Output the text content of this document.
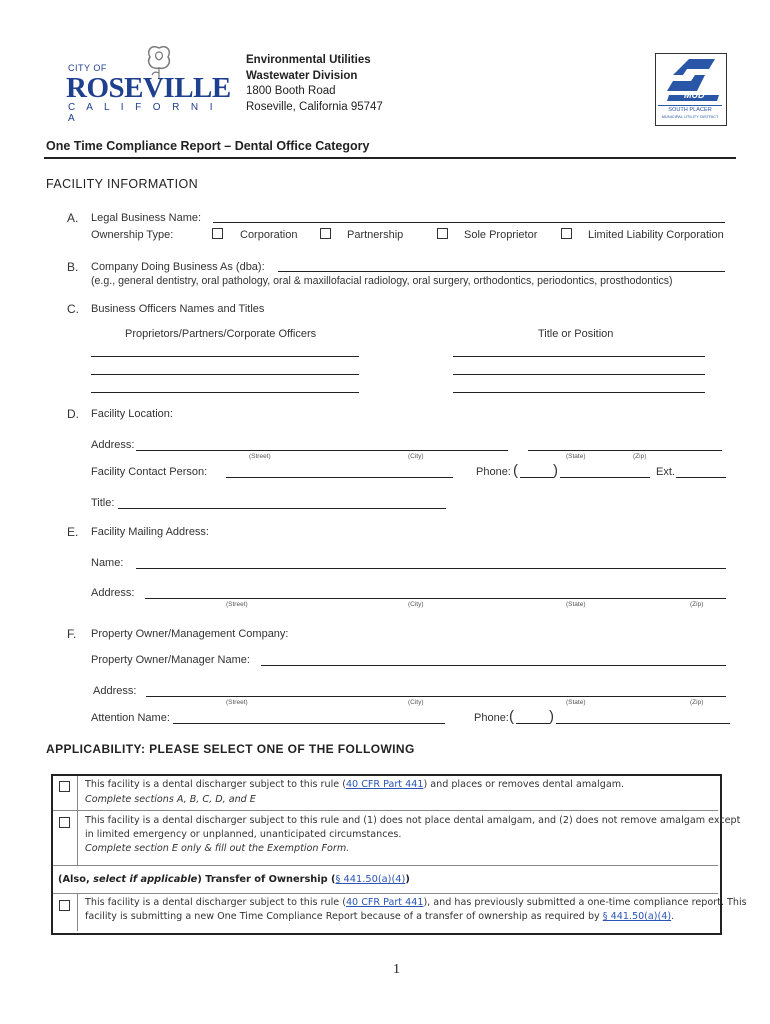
CITY OF
ROSEVILLE
C A L I F O R N I A
Environmental Utilities
Wastewater Division
1800 Booth Road
Roseville, California 95747
MUD
SOUTH PLACER
MUNICIPAL UTILITY DISTRICT
One Time Compliance Report – Dental Office Category
FACILITY INFORMATION
A. Legal Business Name:
Ownership Type:	Corporation	Partnership	Sole Proprietor	Limited Liability Corporation
B. Company Doing Business As (dba):
(e.g., general dentistry, oral pathology, oral & maxillofacial radiology, oral surgery, orthodontics, periodontics, prosthodontics)
C. Business Officers Names and Titles
Proprietors/Partners/Corporate Officers	Title or Position
D. Facility Location:
Address:
(Street)	(City)	(State)	(Zip)
Facility Contact Person:	Phone: ( )	Ext.
Title:
E. Facility Mailing Address:
Name:
Address:
(Street)	(City)	(State)	(Zip)
F. Property Owner/Management Company:
Property Owner/Manager Name:
Address:
(Street)	(City)	(State)	(Zip)
Attention Name:	Phone: ( )
APPLICABILITY: PLEASE SELECT ONE OF THE FOLLOWING
This facility is a dental discharger subject to this rule (40 CFR Part 441) and places or removes dental amalgam.
Complete sections A, B, C, D, and E
This facility is a dental discharger subject to this rule and (1) does not place dental amalgam, and (2) does not remove amalgam except
in limited emergency or unplanned, unanticipated circumstances.
Complete section E only & fill out the Exemption Form.
(Also, select if applicable) Transfer of Ownership (§ 441.50(a)(4))
This facility is a dental discharger subject to this rule (40 CFR Part 441), and has previously submitted a one-time compliance report. This
facility is submitting a new One Time Compliance Report because of a transfer of ownership as required by § 441.50(a)(4).
1
